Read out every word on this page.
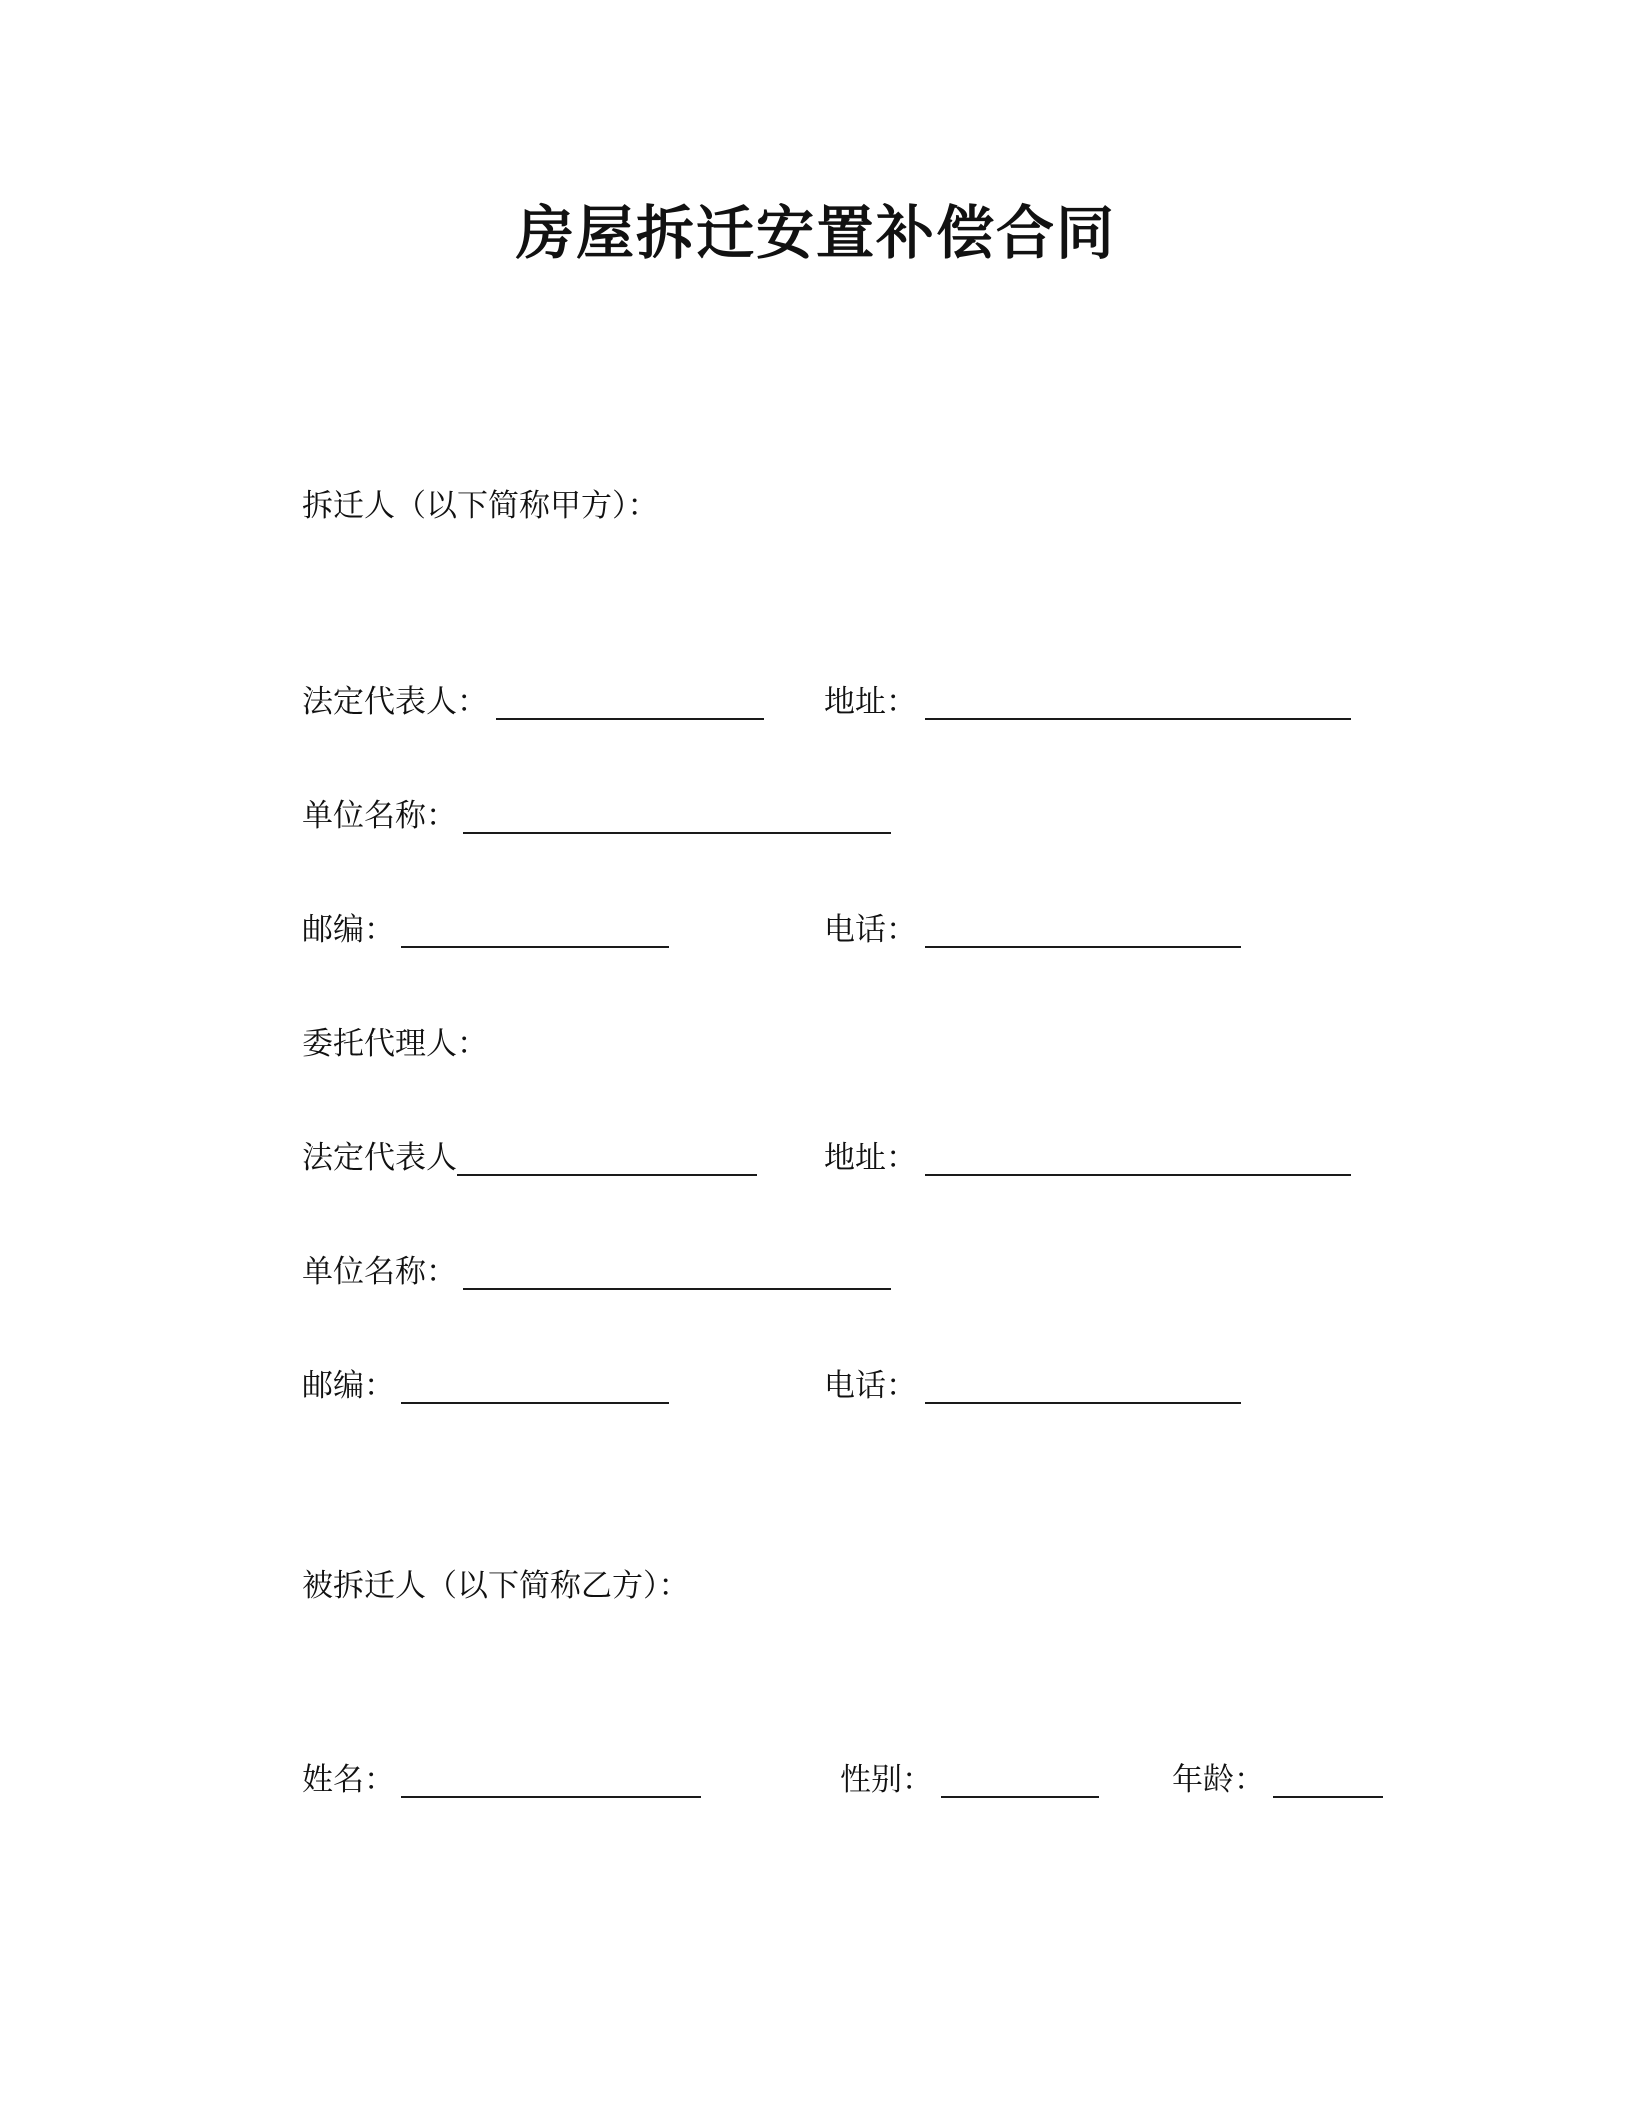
房屋拆迁安置补偿合同
拆迁人（以下简称甲方）：
法定代表人：	地址：
单位名称：
邮编：	电话：
委托代理人：
法定代表人	地址：
单位名称：
邮编：	电话：
被拆迁人（以下简称乙方）：
姓名：	性别：	年龄：
